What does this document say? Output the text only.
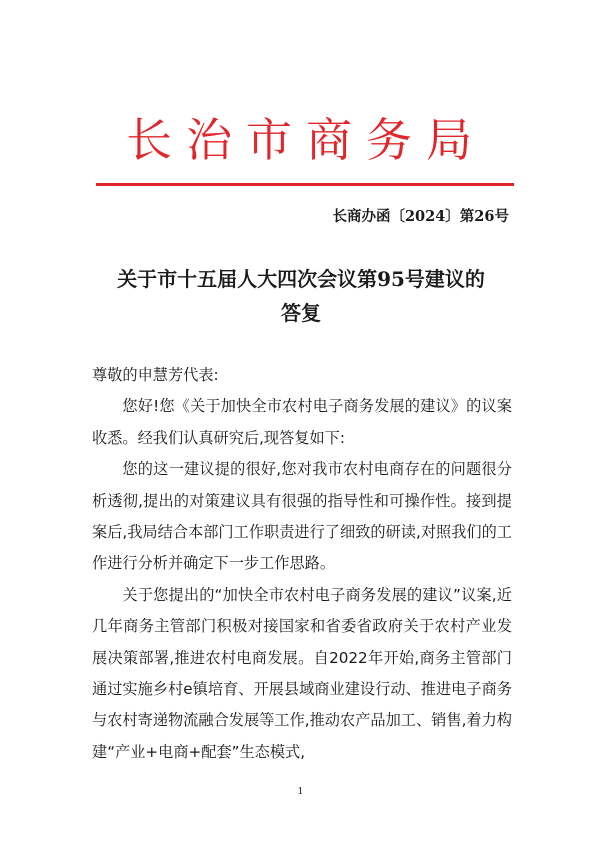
长治市商务局
长商办函〔2024〕第26号
关于市十五届人大四次会议第95号建议的
答复

尊敬的申慧芳代表:

您好!您《关于加快全市农村电子商务发展的建议》的议案收悉。经我们认真研究后,现答复如下:

您的这一建议提的很好,您对我市农村电商存在的问题很分析透彻,提出的对策建议具有很强的指导性和可操作性。接到提案后,我局结合本部门工作职责进行了细致的研读,对照我们的工作进行分析并确定下一步工作思路。

关于您提出的“加快全市农村电子商务发展的建议”议案,近几年商务主管部门积极对接国家和省委省政府关于农村产业发展决策部署,推进农村电商发展。自2022年开始,商务主管部门通过实施乡村e镇培育、开展县域商业建设行动、推进电子商务与农村寄递物流融合发展等工作,推动农产品加工、销售,着力构建“产业+电商+配套”生态模式,

1
